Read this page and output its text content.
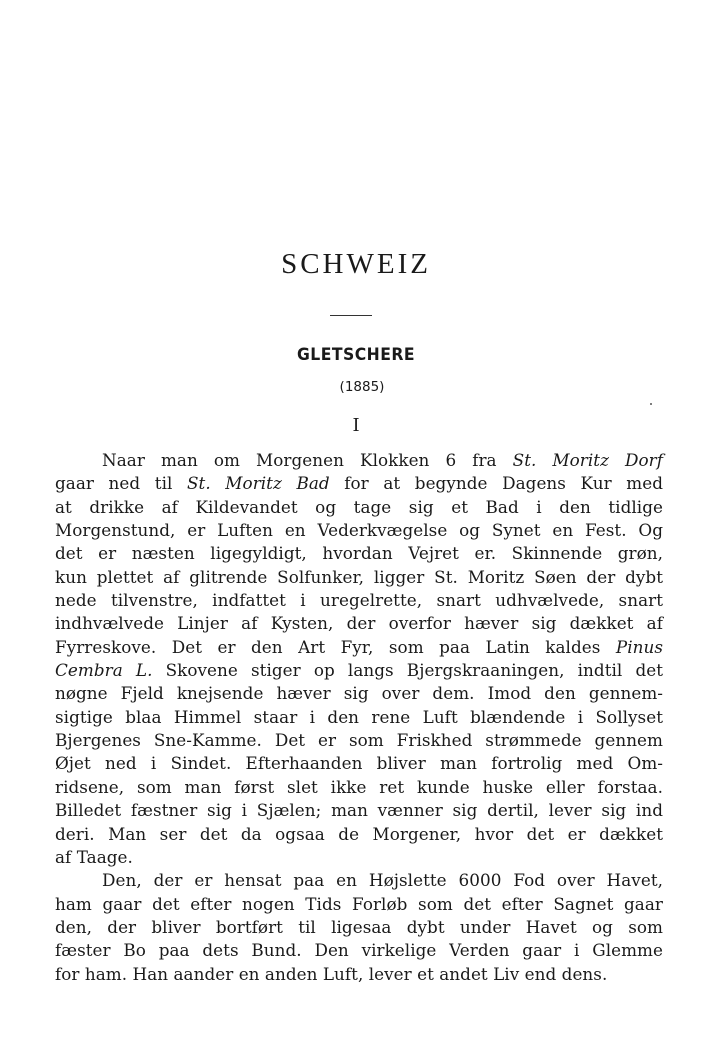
SCHWEIZ
GLETSCHERE
(1885)
I
Naar man om Morgenen Klokken 6 fra St. Moritz Dorf
gaar ned til St. Moritz Bad for at begynde Dagens Kur med
at drikke af Kildevandet og tage sig et Bad i den tidlige
Morgenstund, er Luften en Vederkvægelse og Synet en Fest. Og
det er næsten ligegyldigt, hvordan Vejret er. Skinnende grøn,
kun plettet af glitrende Solfunker, ligger St. Moritz Søen der dybt
nede tilvenstre, indfattet i uregelrette, snart udhvælvede, snart
indhvælvede Linjer af Kysten, der overfor hæver sig dækket af
Fyrreskove. Det er den Art Fyr, som paa Latin kaldes Pinus
Cembra L. Skovene stiger op langs Bjergskraaningen, indtil det
nøgne Fjeld knejsende hæver sig over dem. Imod den gennem-
sigtige blaa Himmel staar i den rene Luft blændende i Sollyset
Bjergenes Sne-Kamme. Det er som Friskhed strømmede gennem
Øjet ned i Sindet. Efterhaanden bliver man fortrolig med Om-
ridsene, som man først slet ikke ret kunde huske eller forstaa.
Billedet fæstner sig i Sjælen; man vænner sig dertil, lever sig ind
deri. Man ser det da ogsaa de Morgener, hvor det er dækket
af Taage.
Den, der er hensat paa en Højslette 6000 Fod over Havet,
ham gaar det efter nogen Tids Forløb som det efter Sagnet gaar
den, der bliver bortført til ligesaa dybt under Havet og som
fæster Bo paa dets Bund. Den virkelige Verden gaar i Glemme
for ham. Han aander en anden Luft, lever et andet Liv end dens.
